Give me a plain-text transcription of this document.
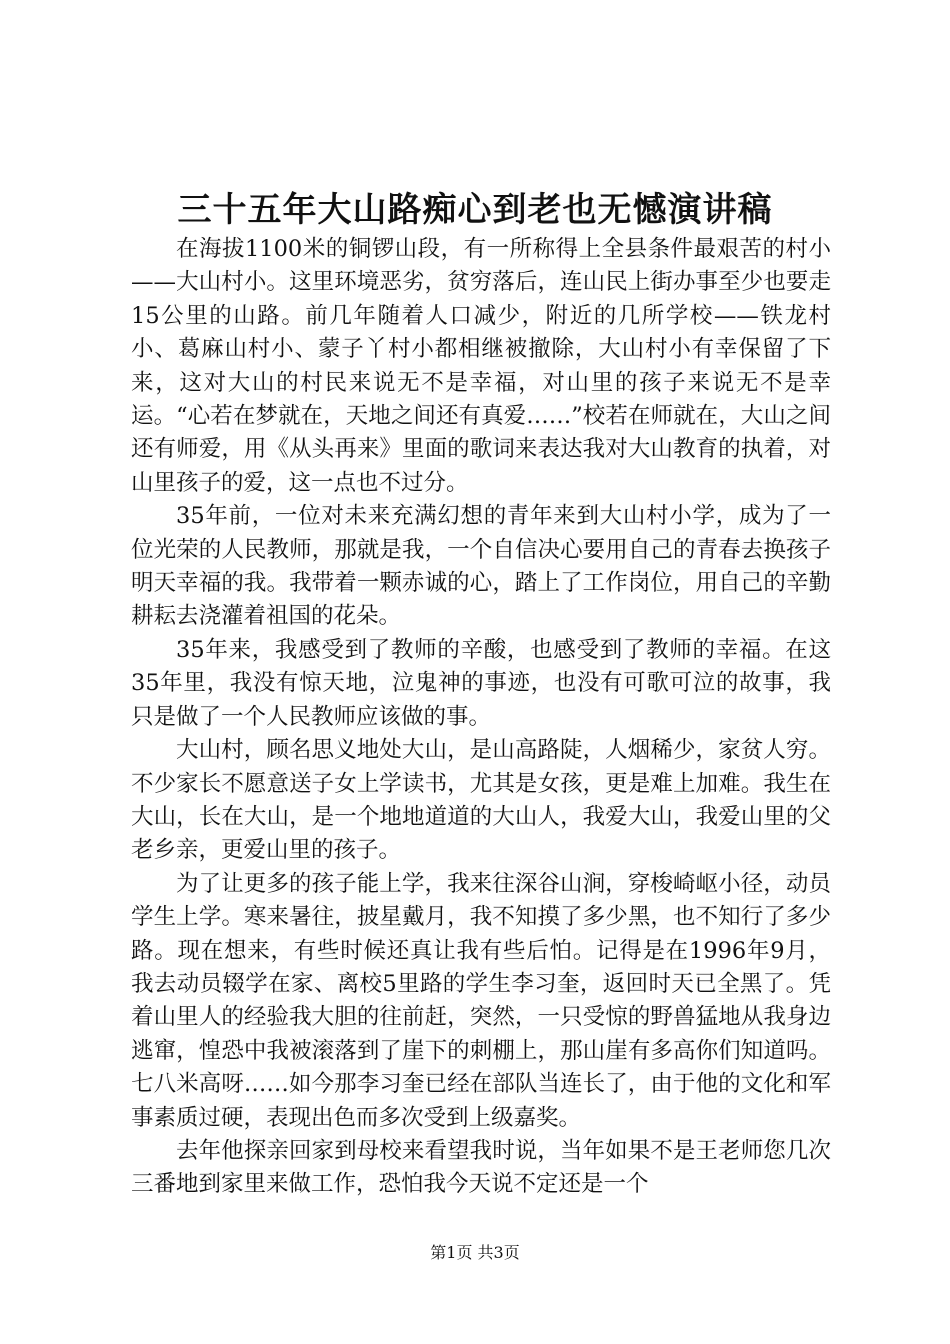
三十五年大山路痴心到老也无憾演讲稿

在海拔1100米的铜锣山段，有一所称得上全县条件最艰苦的村小——大山村小。这里环境恶劣，贫穷落后，连山民上街办事至少也要走15公里的山路。前几年随着人口减少，附近的几所学校——铁龙村小、葛麻山村小、蒙子丫村小都相继被撤除，大山村小有幸保留了下来，这对大山的村民来说无不是幸福，对山里的孩子来说无不是幸运。“心若在梦就在，天地之间还有真爱……”校若在师就在，大山之间还有师爱，用《从头再来》里面的歌词来表达我对大山教育的执着，对山里孩子的爱，这一点也不过分。

35年前，一位对未来充满幻想的青年来到大山村小学，成为了一位光荣的人民教师，那就是我，一个自信决心要用自己的青春去换孩子明天幸福的我。我带着一颗赤诚的心，踏上了工作岗位，用自己的辛勤耕耘去浇灌着祖国的花朵。

35年来，我感受到了教师的辛酸，也感受到了教师的幸福。在这35年里，我没有惊天地，泣鬼神的事迹，也没有可歌可泣的故事，我只是做了一个人民教师应该做的事。

大山村，顾名思义地处大山，是山高路陡，人烟稀少，家贫人穷。不少家长不愿意送子女上学读书，尤其是女孩，更是难上加难。我生在大山，长在大山，是一个地地道道的大山人，我爱大山，我爱山里的父老乡亲，更爱山里的孩子。

为了让更多的孩子能上学，我来往深谷山涧，穿梭崎岖小径，动员学生上学。寒来暑往，披星戴月，我不知摸了多少黑，也不知行了多少路。现在想来，有些时候还真让我有些后怕。记得是在1996年9月，我去动员辍学在家、离校5里路的学生李习奎，返回时天已全黑了。凭着山里人的经验我大胆的往前赶，突然，一只受惊的野兽猛地从我身边逃窜，惶恐中我被滚落到了崖下的刺棚上，那山崖有多高你们知道吗。七八米高呀……如今那李习奎已经在部队当连长了，由于他的文化和军事素质过硬，表现出色而多次受到上级嘉奖。

去年他探亲回家到母校来看望我时说，当年如果不是王老师您几次三番地到家里来做工作，恐怕我今天说不定还是一个

第1页 共3页
